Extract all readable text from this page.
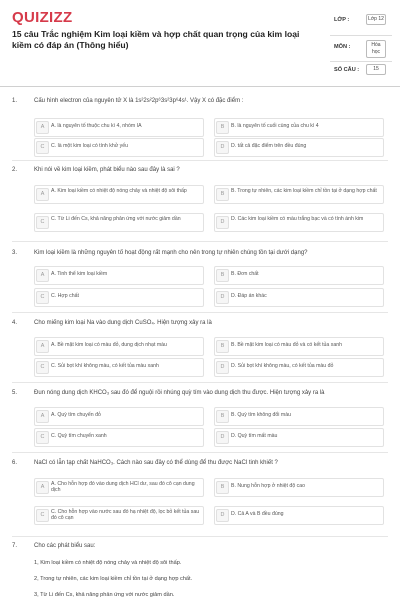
QUIZIZZ
15 câu Trắc nghiệm Kim loại kiềm và hợp chất quan trọng của kim loại kiềm có đáp án (Thông hiểu)
LỚP :	Lớp 12
MÔN :	Hóa học
SỐ CÂU :	15
1.	Cấu hình electron của nguyên tử X là 1s²2s²2p⁶3s²3p⁶4s¹. Vậy X có đặc điểm :
A	A. là nguyên tố thuộc chu kì 4, nhóm IA	B	B. là nguyên tố cuối cùng của chu kì 4
C	C. là một kim loại có tính khử yếu	D	D. tất cả đặc điểm trên đều đúng
2.	Khi nói về kim loại kiềm, phát biểu nào sau đây là sai ?
A	A. Kim loại kiềm có nhiệt độ nóng chảy và nhiệt độ sôi thấp	B	B. Trong tự nhiên, các kim loại kiềm chỉ tồn tại ở dạng hợp chất
C	C. Từ Li đến Cs, khả năng phản ứng với nước giảm dần	D	D. Các kim loại kiềm có màu trắng bạc và có tính ánh kim
3.	Kim loại kiềm là những nguyên tố hoạt động rất mạnh cho nên trong tự nhiên chúng tồn tại dưới dạng?
A	A. Tinh thể kim loại kiềm	B	B. Đơn chất
C	C. Hợp chất	D	D. Đáp án khác
4.	Cho miếng kim loại Na vào dung dịch CuSO₄. Hiện tượng xảy ra là
A	A. Bề mặt kim loại có màu đỏ, dung dịch nhạt màu	B	B. Bề mặt kim loại có màu đỏ và có kết tủa xanh
C	C. Sủi bọt khí không màu, có kết tủa màu xanh	D	D. Sủi bọt khí không màu, có kết tủa màu đỏ
5.	Đun nóng dung dịch KHCO₃ sau đó để nguội rồi nhúng quỳ tím vào dung dịch thu được. Hiện tượng xảy ra là
A	A. Quỳ tím chuyển đỏ	B	B. Quỳ tím không đổi màu
C	C. Quỳ tím chuyển xanh	D	D. Quỳ tím mất màu
6.	NaCl có lẫn tạp chất NaHCO₃. Cách nào sau đây có thể dùng để thu được NaCl tinh khiết ?
A	A. Cho hỗn hợp đó vào dung dịch HCl dư, sau đó cô cạn dung dịch
B	B. Nung hỗn hợp ở nhiệt độ cao
C	C. Cho hỗn hợp vào nước sau đó hạ nhiệt độ, lọc bỏ kết tủa sau đó cô cạn
D	D. Cả A và B đều đúng
7.	Cho các phát biểu sau:
1, Kim loại kiềm có nhiệt độ nóng chảy và nhiệt độ sôi thấp.
2, Trong tự nhiên, các kim loại kiềm chỉ tồn tại ở dạng hợp chất.
3, Từ Li đến Cs, khả năng phản ứng với nước giảm dần.
